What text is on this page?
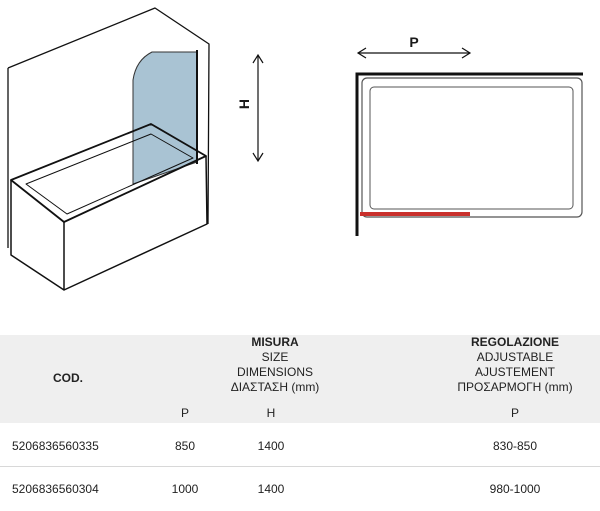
H
P
COD.
MISURA
SIZE
DIMENSIONS
ΔΙΑΣΤΑΣΗ (mm)
REGOLAZIONE
ADJUSTABLE
AJUSTEMENT
ΠΡΟΣΑΡΜΟΓΗ (mm)
P	H	P
5206836560335	850	1400	830-850
5206836560304	1000	1400	980-1000
